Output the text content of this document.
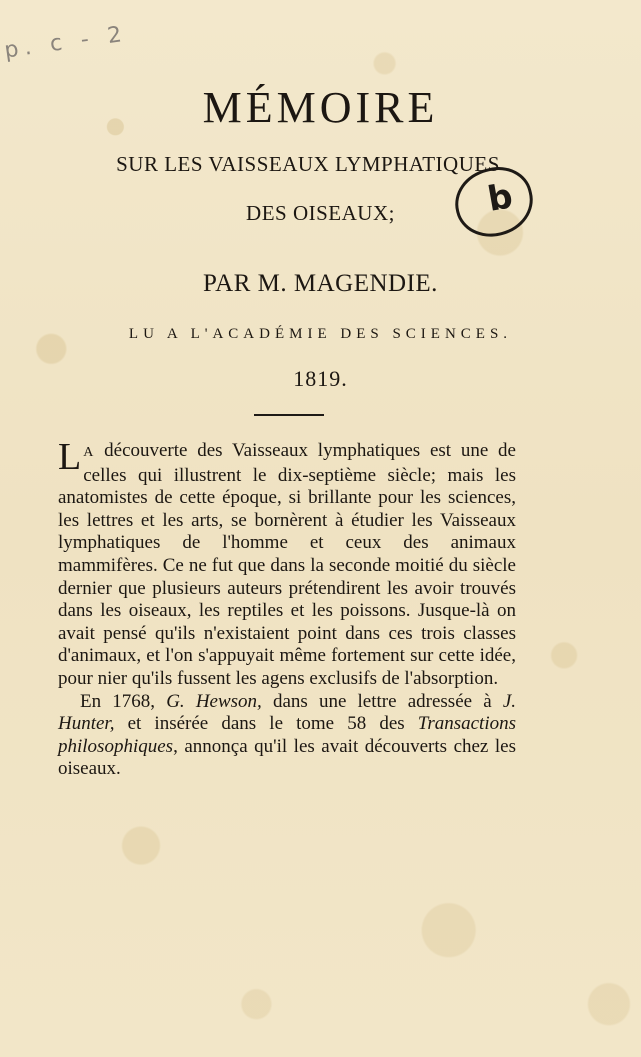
p. c - 2
b
MÉMOIRE
SUR LES VAISSEAUX LYMPHATIQUES
DES OISEAUX;
PAR M. MAGENDIE.
LU A L'ACADÉMIE DES SCIENCES.
1819.

L A découverte des Vaisseaux lymphatiques est une de celles qui illustrent le dix-septième siècle; mais les anatomistes de cette époque, si brillante pour les sciences, les lettres et les arts, se bornèrent à étudier les Vaisseaux lymphatiques de l'homme et ceux des animaux mammifères. Ce ne fut que dans la seconde moitié du siècle dernier que plusieurs auteurs prétendirent les avoir trouvés dans les oiseaux, les reptiles et les poissons. Jusque-là on avait pensé qu'ils n'existaient point dans ces trois classes d'animaux, et l'on s'appuyait même fortement sur cette idée, pour nier qu'ils fussent les agens exclusifs de l'absorption.

En 1768, G. Hewson, dans une lettre adressée à J. Hunter, et insérée dans le tome 58 des Transactions philosophiques, annonça qu'il les avait découverts chez les oiseaux.
